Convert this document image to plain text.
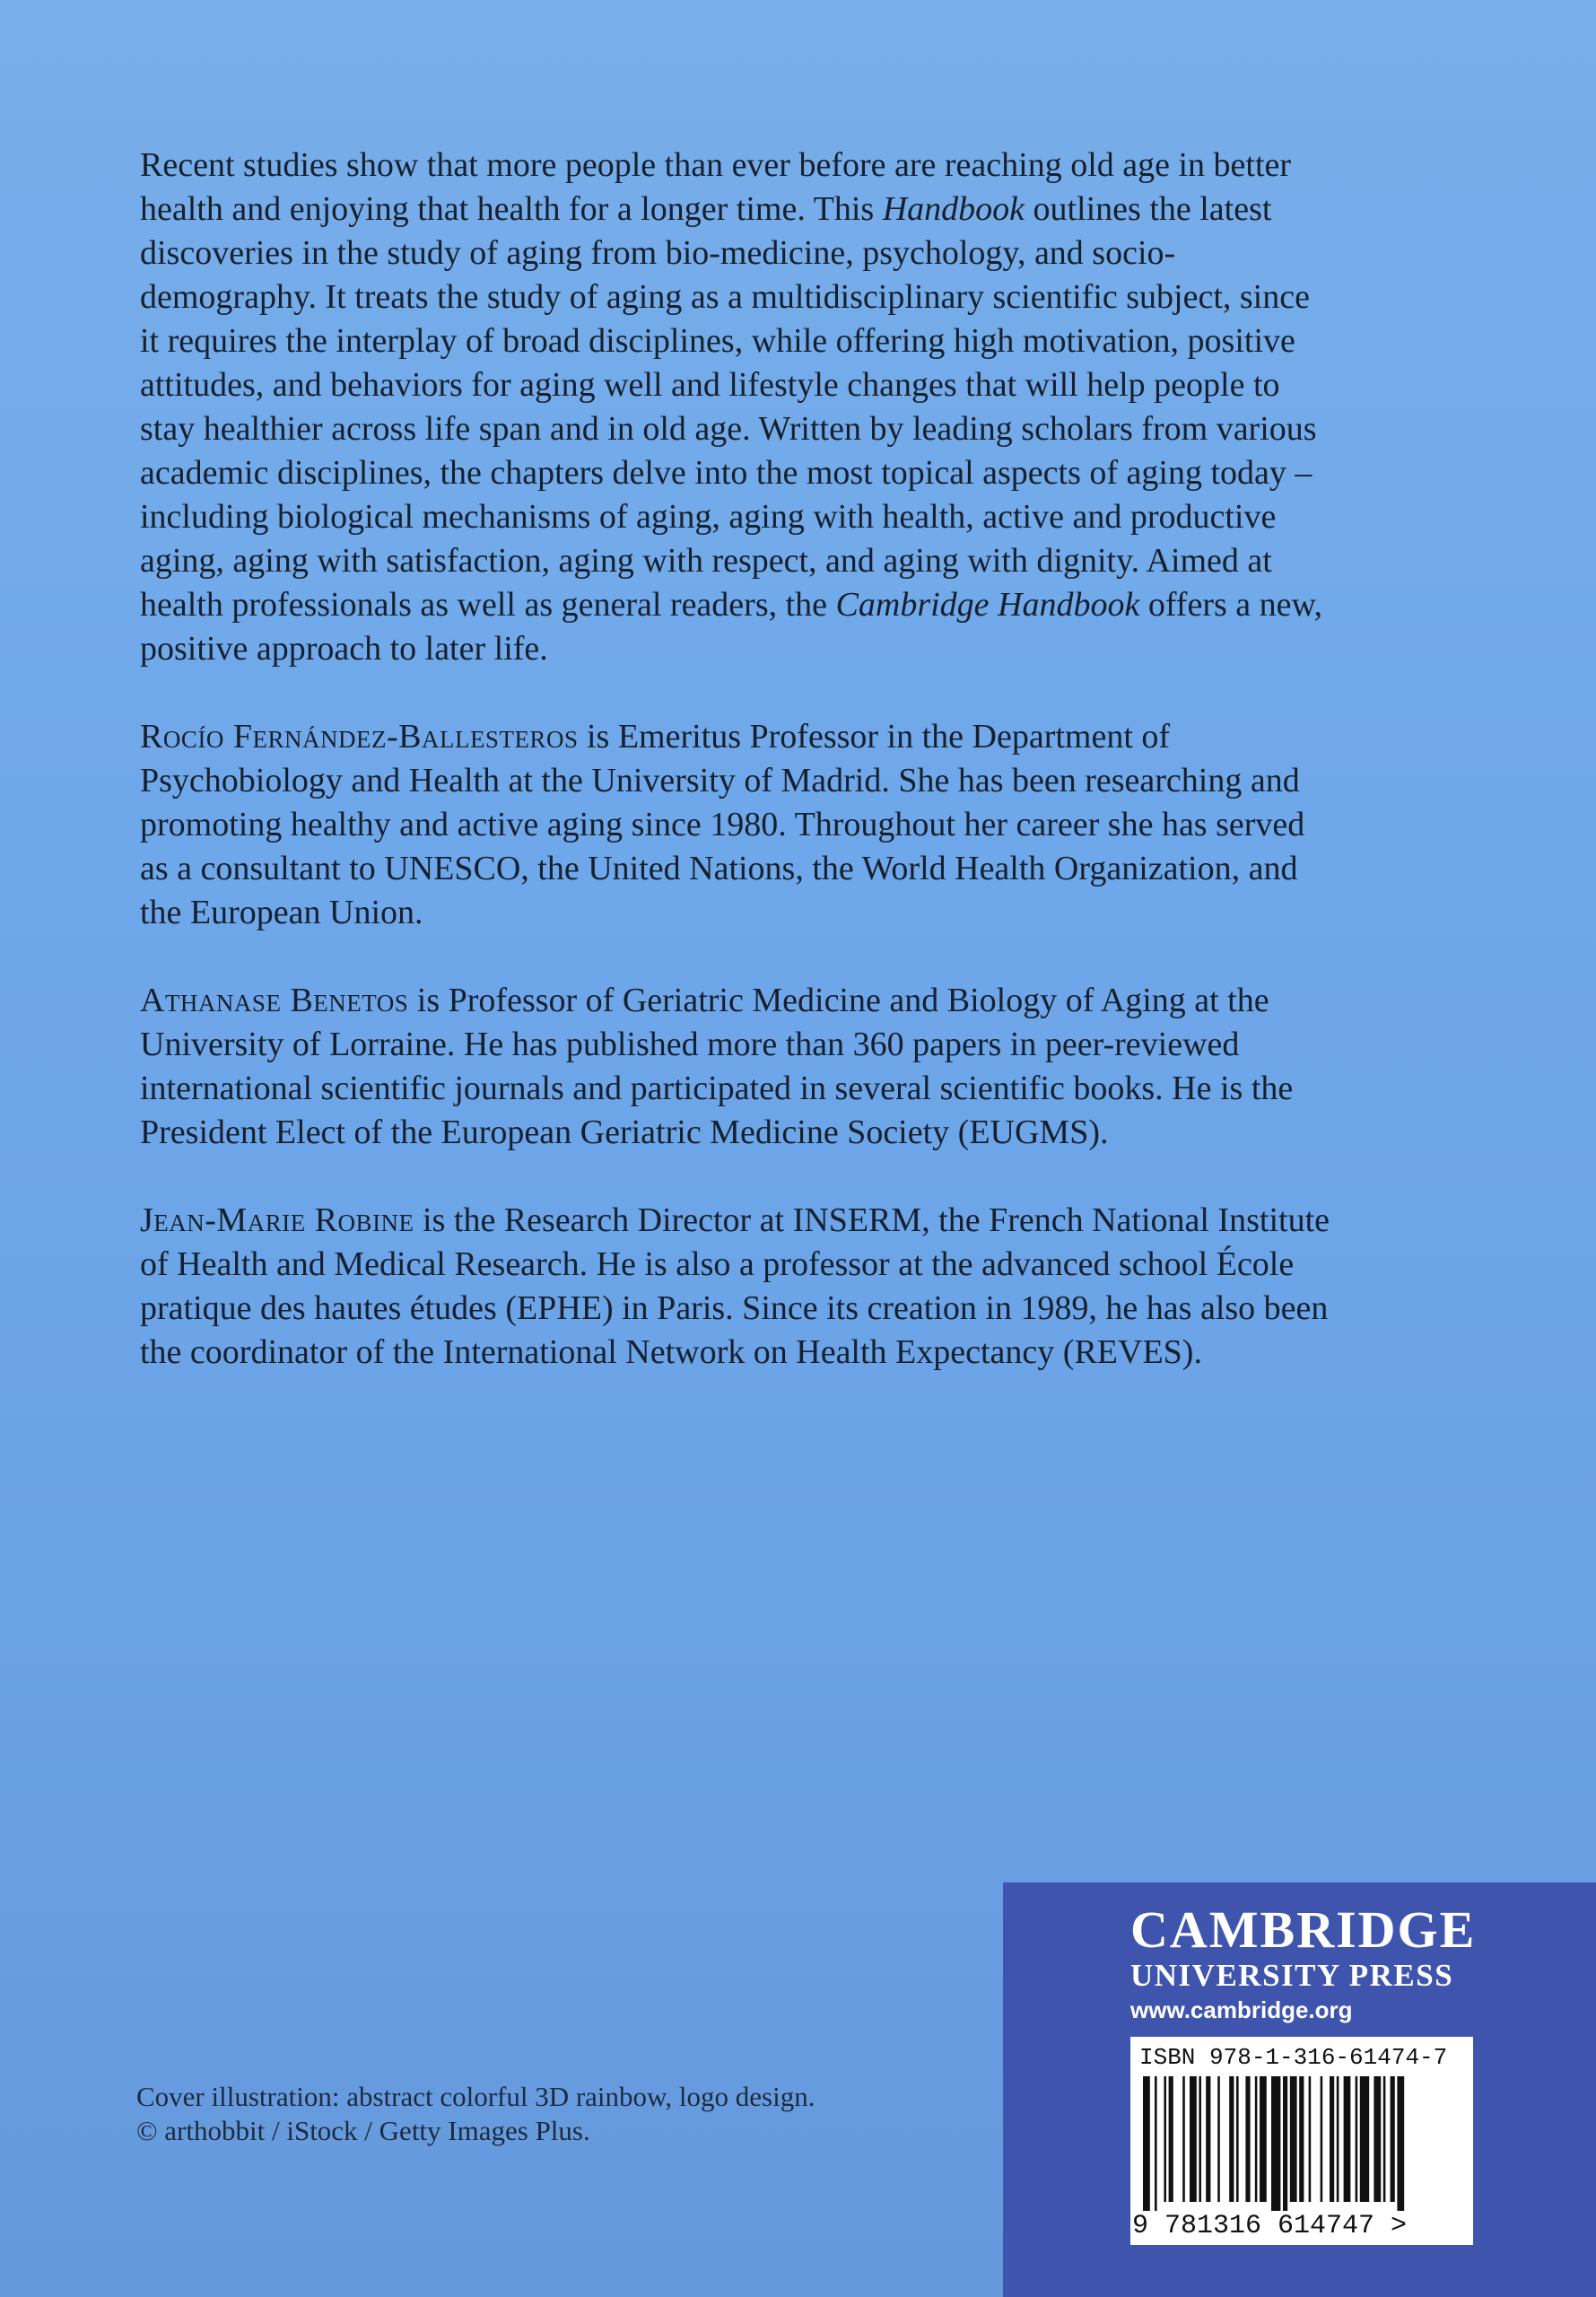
Recent studies show that more people than ever before are reaching old age in better health and enjoying that health for a longer time. This Handbook outlines the latest discoveries in the study of aging from bio-medicine, psychology, and socio-demography. It treats the study of aging as a multidisciplinary scientific subject, since it requires the interplay of broad disciplines, while offering high motivation, positive attitudes, and behaviors for aging well and lifestyle changes that will help people to stay healthier across life span and in old age. Written by leading scholars from various academic disciplines, the chapters delve into the most topical aspects of aging today – including biological mechanisms of aging, aging with health, active and productive aging, aging with satisfaction, aging with respect, and aging with dignity. Aimed at health professionals as well as general readers, the Cambridge Handbook offers a new, positive approach to later life.

Rocío Fernández-Ballesteros is Emeritus Professor in the Department of Psychobiology and Health at the University of Madrid. She has been researching and promoting healthy and active aging since 1980. Throughout her career she has served as a consultant to UNESCO, the United Nations, the World Health Organization, and the European Union.

Athanase Benetos is Professor of Geriatric Medicine and Biology of Aging at the University of Lorraine. He has published more than 360 papers in peer-reviewed international scientific journals and participated in several scientific books. He is the President Elect of the European Geriatric Medicine Society (EUGMS).

Jean-Marie Robine is the Research Director at INSERM, the French National Institute of Health and Medical Research. He is also a professor at the advanced school École pratique des hautes études (EPHE) in Paris. Since its creation in 1989, he has also been the coordinator of the International Network on Health Expectancy (REVES).

Cover illustration: abstract colorful 3D rainbow, logo design. © arthobbit / iStock / Getty Images Plus.
CAMBRIDGE
UNIVERSITY PRESS
www.cambridge.org
ISBN 978-1-316-61474-7
9 781316 614747 >
